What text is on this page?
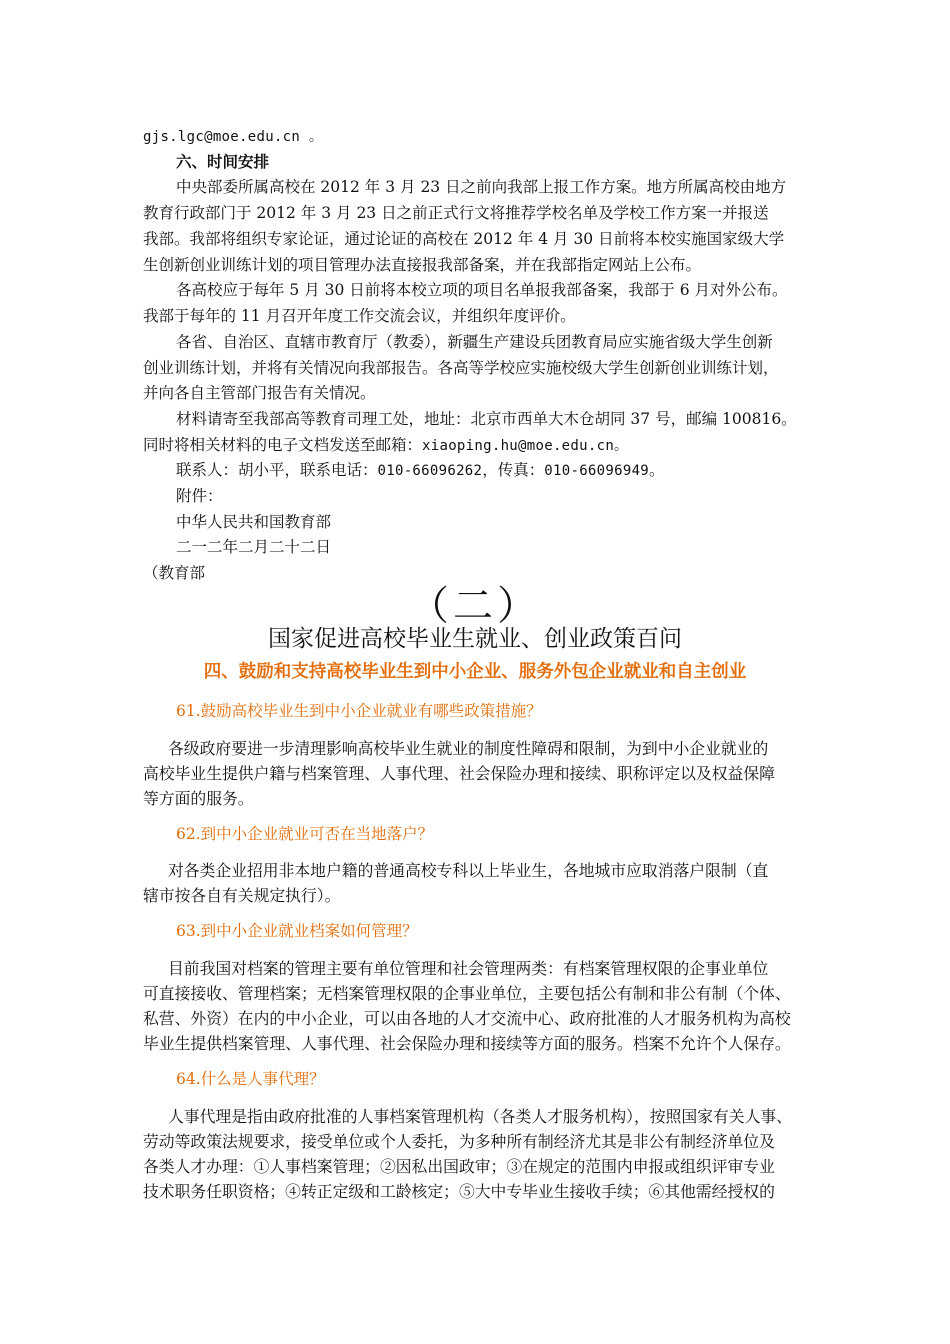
gjs.lgc@moe.edu.cn 。
六、时间安排
中央部委所属高校在 2012 年 3 月 23 日之前向我部上报工作方案。地方所属高校由地方
教育行政部门于 2012 年 3 月 23 日之前正式行文将推荐学校名单及学校工作方案一并报送
我部。我部将组织专家论证，通过论证的高校在 2012 年 4 月 30 日前将本校实施国家级大学
生创新创业训练计划的项目管理办法直接报我部备案，并在我部指定网站上公布。
各高校应于每年 5 月 30 日前将本校立项的项目名单报我部备案，我部于 6 月对外公布。
我部于每年的 11 月召开年度工作交流会议，并组织年度评价。
各省、自治区、直辖市教育厅（教委），新疆生产建设兵团教育局应实施省级大学生创新
创业训练计划，并将有关情况向我部报告。各高等学校应实施校级大学生创新创业训练计划，
并向各自主管部门报告有关情况。
材料请寄至我部高等教育司理工处，地址：北京市西单大木仓胡同 37 号，邮编 100816。
同时将相关材料的电子文档发送至邮箱：xiaoping.hu@moe.edu.cn。
联系人：胡小平，联系电话：010-66096262，传真：010-66096949。
附件：
中华人民共和国教育部
二一二年二月二十二日
（教育部
（二）
国家促进高校毕业生就业、创业政策百问
四、鼓励和支持高校毕业生到中小企业、服务外包企业就业和自主创业
61.鼓励高校毕业生到中小企业就业有哪些政策措施？
各级政府要进一步清理影响高校毕业生就业的制度性障碍和限制，为到中小企业就业的
高校毕业生提供户籍与档案管理、人事代理、社会保险办理和接续、职称评定以及权益保障
等方面的服务。
62.到中小企业就业可否在当地落户？
对各类企业招用非本地户籍的普通高校专科以上毕业生，各地城市应取消落户限制（直
辖市按各自有关规定执行）。
63.到中小企业就业档案如何管理？
目前我国对档案的管理主要有单位管理和社会管理两类：有档案管理权限的企事业单位
可直接接收、管理档案；无档案管理权限的企事业单位，主要包括公有制和非公有制（个体、
私营、外资）在内的中小企业，可以由各地的人才交流中心、政府批准的人才服务机构为高校
毕业生提供档案管理、人事代理、社会保险办理和接续等方面的服务。档案不允许个人保存。
64.什么是人事代理？
人事代理是指由政府批准的人事档案管理机构（各类人才服务机构），按照国家有关人事、
劳动等政策法规要求，接受单位或个人委托，为多种所有制经济尤其是非公有制经济单位及
各类人才办理：①人事档案管理；②因私出国政审；③在规定的范围内申报或组织评审专业
技术职务任职资格；④转正定级和工龄核定；⑤大中专毕业生接收手续；⑥其他需经授权的
